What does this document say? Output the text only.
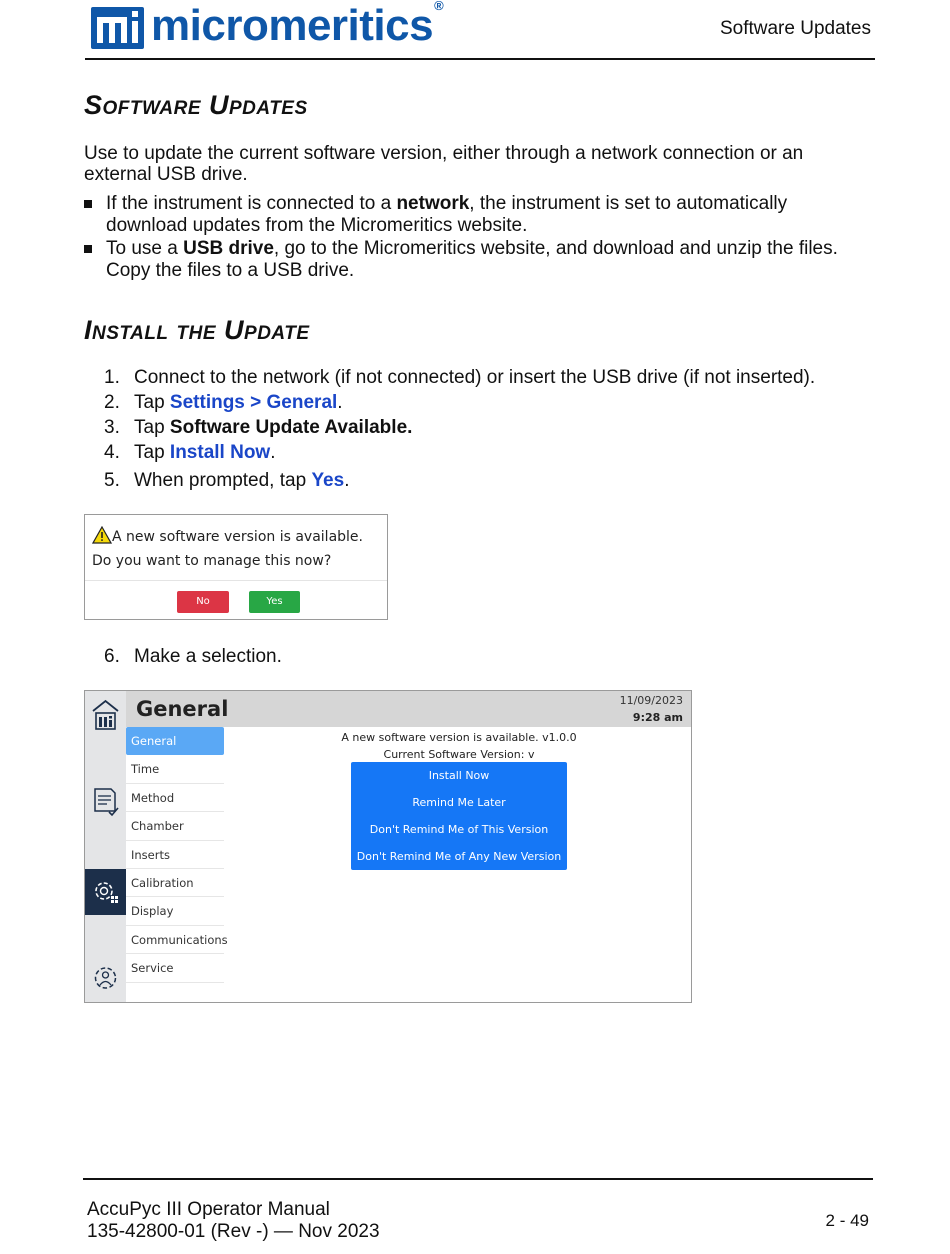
micromeritics®
Software Updates
Software Updates
Use to update the current software version, either through a network connection or an external USB drive.
If the instrument is connected to a network, the instrument is set to automatically download updates from the Micromeritics website.
To use a USB drive, go to the Micromeritics website, and download and unzip the files. Copy the files to a USB drive.
Install the Update
1. Connect to the network (if not connected) or insert the USB drive (if not inserted).
2. Tap Settings > General.
3. Tap Software Update Available.
4. Tap Install Now.
5. When prompted, tap Yes.
A new software version is available. Do you want to manage this now?
No	Yes
6. Make a selection.
General	11/09/2023
9:28 am
General
Time
Method
Chamber
Inserts
Calibration
Display
Communications
Service
A new software version is available. v1.0.0
Current Software Version: v
Install Now
Remind Me Later
Don't Remind Me of This Version
Don't Remind Me of Any New Version
AccuPyc III Operator Manual
135-42800-01 (Rev -) — Nov 2023
2 - 49
